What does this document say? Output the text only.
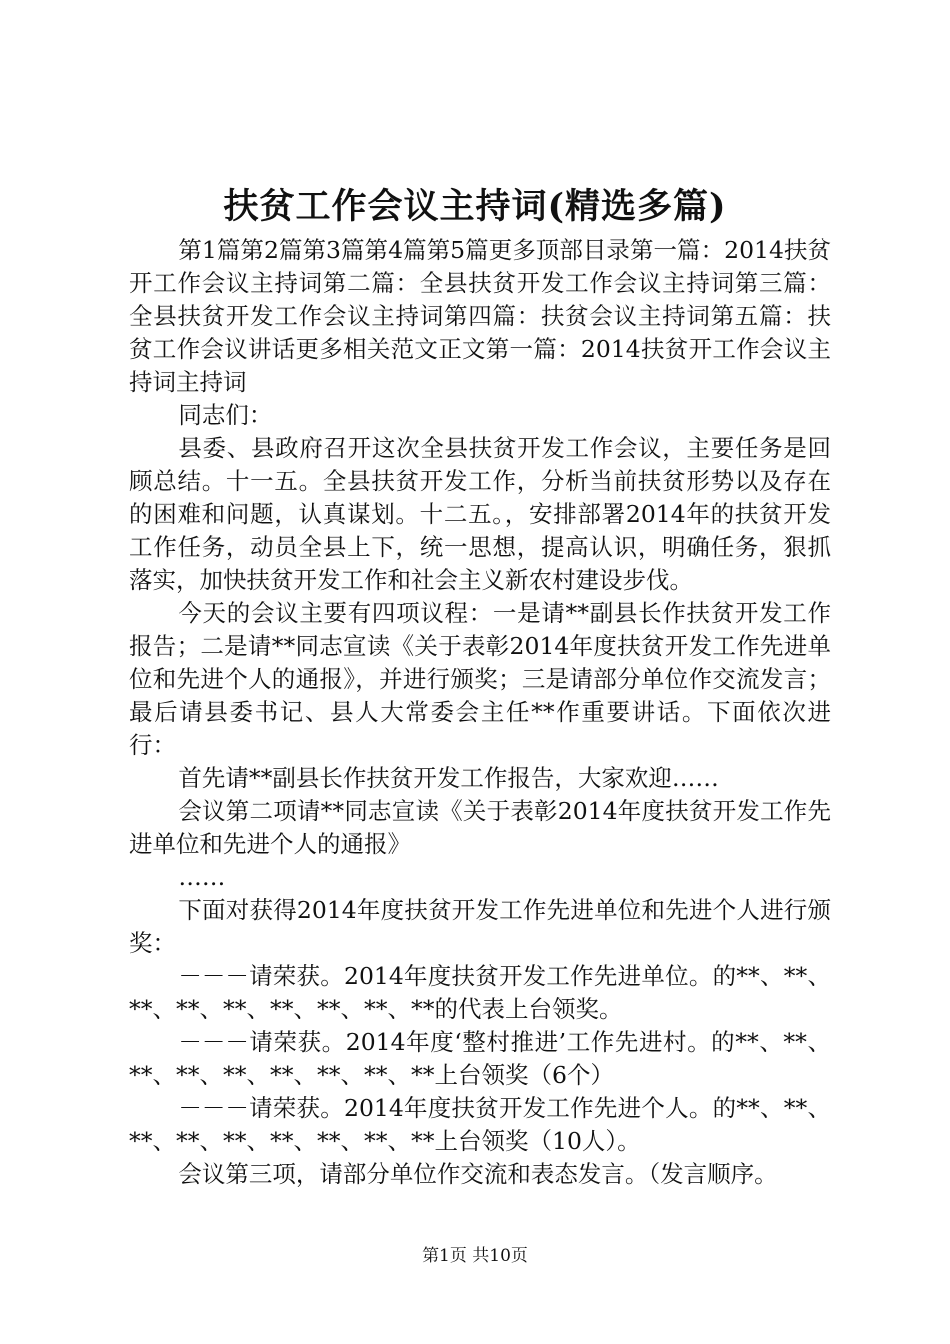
扶贫工作会议主持词(精选多篇)

第1篇第2篇第3篇第4篇第5篇更多顶部目录第一篇：2014扶贫开工作会议主持词第二篇：全县扶贫开发工作会议主持词第三篇：全县扶贫开发工作会议主持词第四篇：扶贫会议主持词第五篇：扶贫工作会议讲话更多相关范文正文第一篇：2014扶贫开工作会议主持词主持词

同志们：

县委、县政府召开这次全县扶贫开发工作会议，主要任务是回顾总结。十一五。全县扶贫开发工作，分析当前扶贫形势以及存在的困难和问题，认真谋划。十二五。，安排部署2014年的扶贫开发工作任务，动员全县上下，统一思想，提高认识，明确任务，狠抓落实，加快扶贫开发工作和社会主义新农村建设步伐。

今天的会议主要有四项议程：一是请**副县长作扶贫开发工作报告；二是请**同志宣读《关于表彰2014年度扶贫开发工作先进单位和先进个人的通报》，并进行颁奖；三是请部分单位作交流发言；最后请县委书记、县人大常委会主任**作重要讲话。下面依次进行：

首先请**副县长作扶贫开发工作报告，大家欢迎……

会议第二项请**同志宣读《关于表彰2014年度扶贫开发工作先进单位和先进个人的通报》

……

下面对获得2014年度扶贫开发工作先进单位和先进个人进行颁奖：

－－－请荣获。2014年度扶贫开发工作先进单位。的**、**、**、**、**、**、**、**、**的代表上台领奖。

－－－请荣获。2014年度‘整村推进’工作先进村。的**、**、**、**、**、**、**、**、**上台领奖（6个）

－－－请荣获。2014年度扶贫开发工作先进个人。的**、**、**、**、**、**、**、**、**上台领奖（10人）。

会议第三项，请部分单位作交流和表态发言。（发言顺序。

第1页 共10页
